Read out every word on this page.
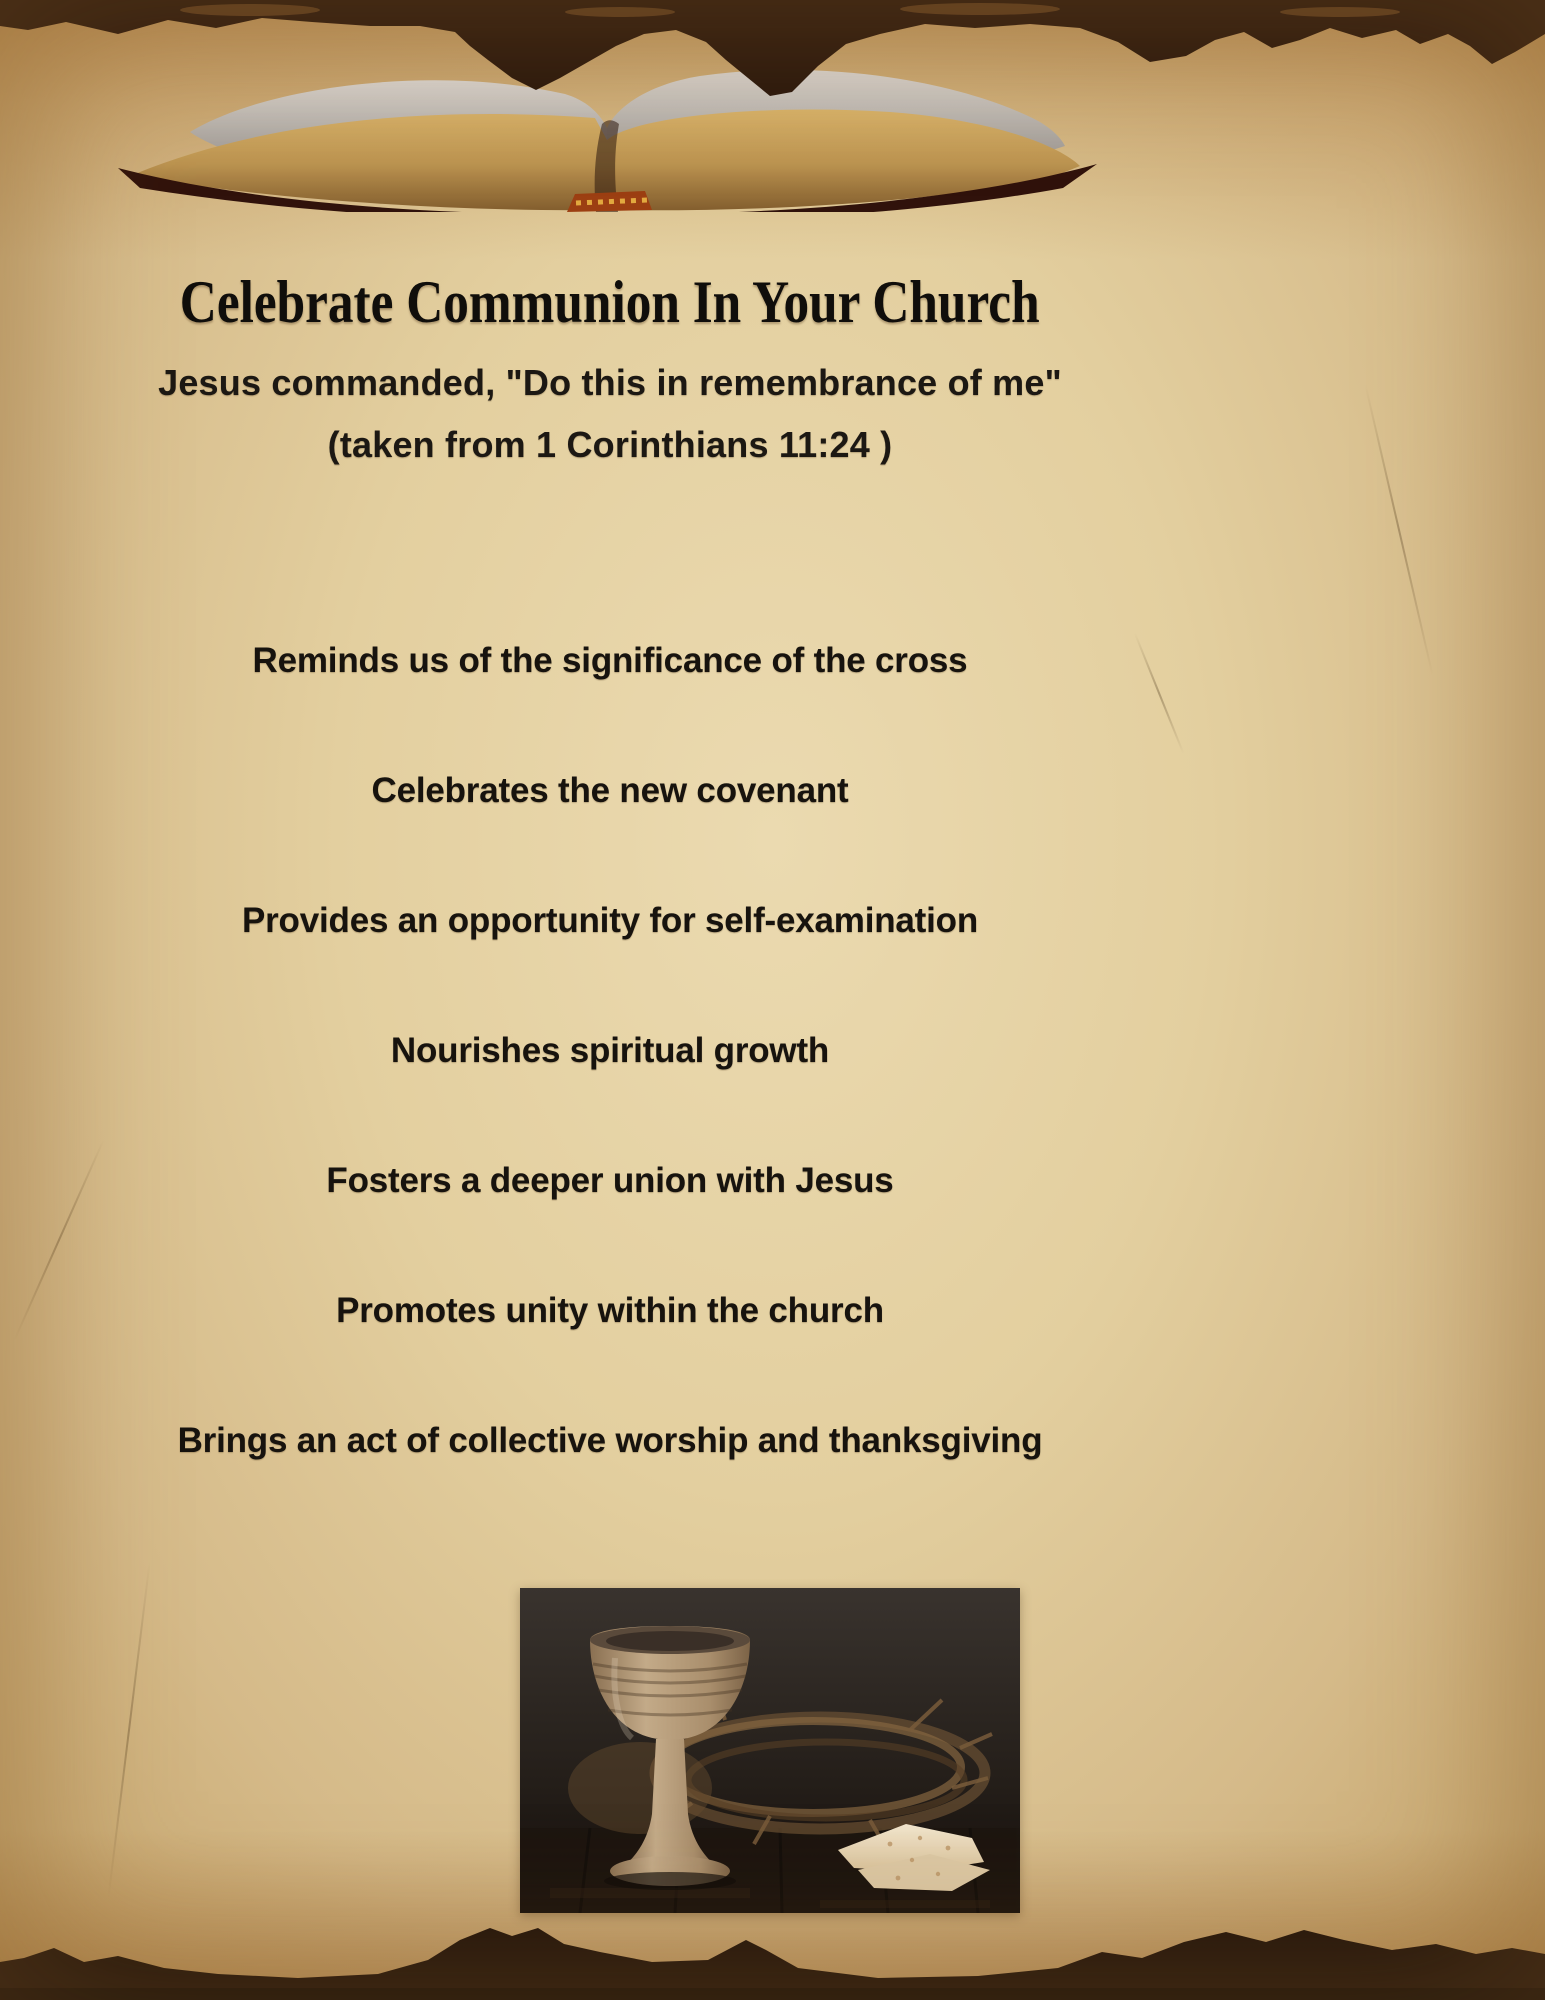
Celebrate Communion In Your Church
Jesus commanded, "Do this in remembrance of me"
(taken from 1 Corinthians 11:24 )
Reminds us of the significance of the cross
Celebrates the new covenant
Provides an opportunity for self-examination
Nourishes spiritual growth
Fosters a deeper union with Jesus
Promotes unity within the church
Brings an act of collective worship and thanksgiving
